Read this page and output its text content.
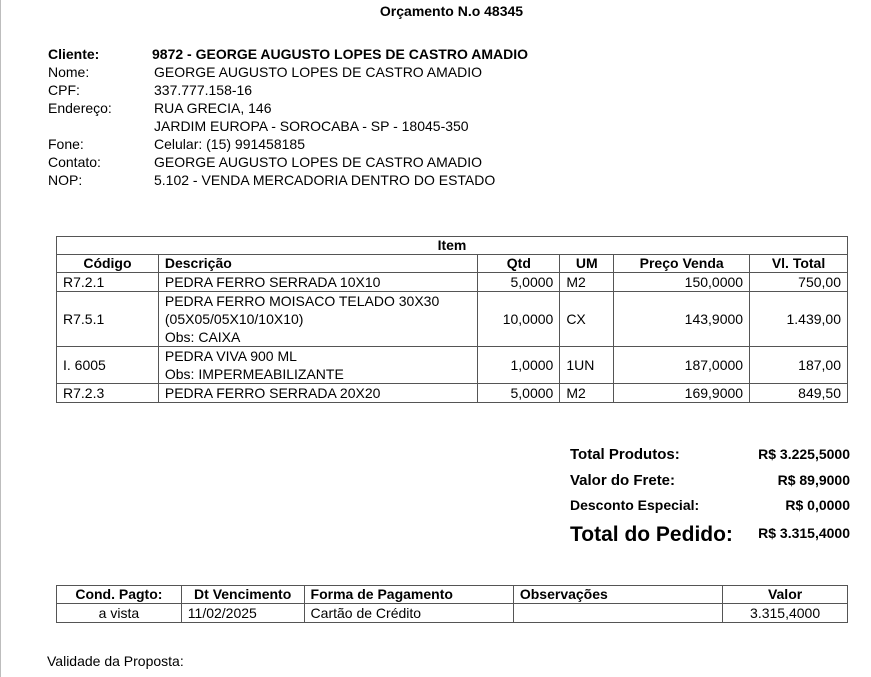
Orçamento N.o 48345
Cliente:	9872 - GEORGE AUGUSTO LOPES DE CASTRO AMADIO
Nome:	GEORGE AUGUSTO LOPES DE CASTRO AMADIO
CPF:	337.777.158-16
Endereço:	RUA GRECIA, 146
JARDIM EUROPA - SOROCABA - SP - 18045-350
Fone:	Celular: (15) 991458185
Contato:	GEORGE AUGUSTO LOPES DE CASTRO AMADIO
NOP:	5.102 - VENDA MERCADORIA DENTRO DO ESTADO
Item					
Código	Descrição	Qtd	UM	Preço Venda	Vl. Total
R7.2.1	PEDRA FERRO SERRADA 10X10	5,0000	M2	150,0000	750,00
R7.5.1	PEDRA FERRO MOISACO TELADO 30X30
(05X05/05X10/10X10)
Obs: CAIXA	10,0000	CX	143,9000	1.439,00
I. 6005	PEDRA VIVA 900 ML
Obs: IMPERMEABILIZANTE	1,0000	1UN	187,0000	187,00
R7.2.3	PEDRA FERRO SERRADA 20X20	5,0000	M2	169,9000	849,50
Total Produtos:	R$ 3.225,5000
Valor do Frete:	R$ 89,9000
Desconto Especial:	R$ 0,0000
Total do Pedido: R$ 3.315,4000
Cond. Pagto:	Dt Vencimento	Forma de Pagamento	Observações	Valor
a vista	11/02/2025	Cartão de Crédito		3.315,4000
Validade da Proposta:
